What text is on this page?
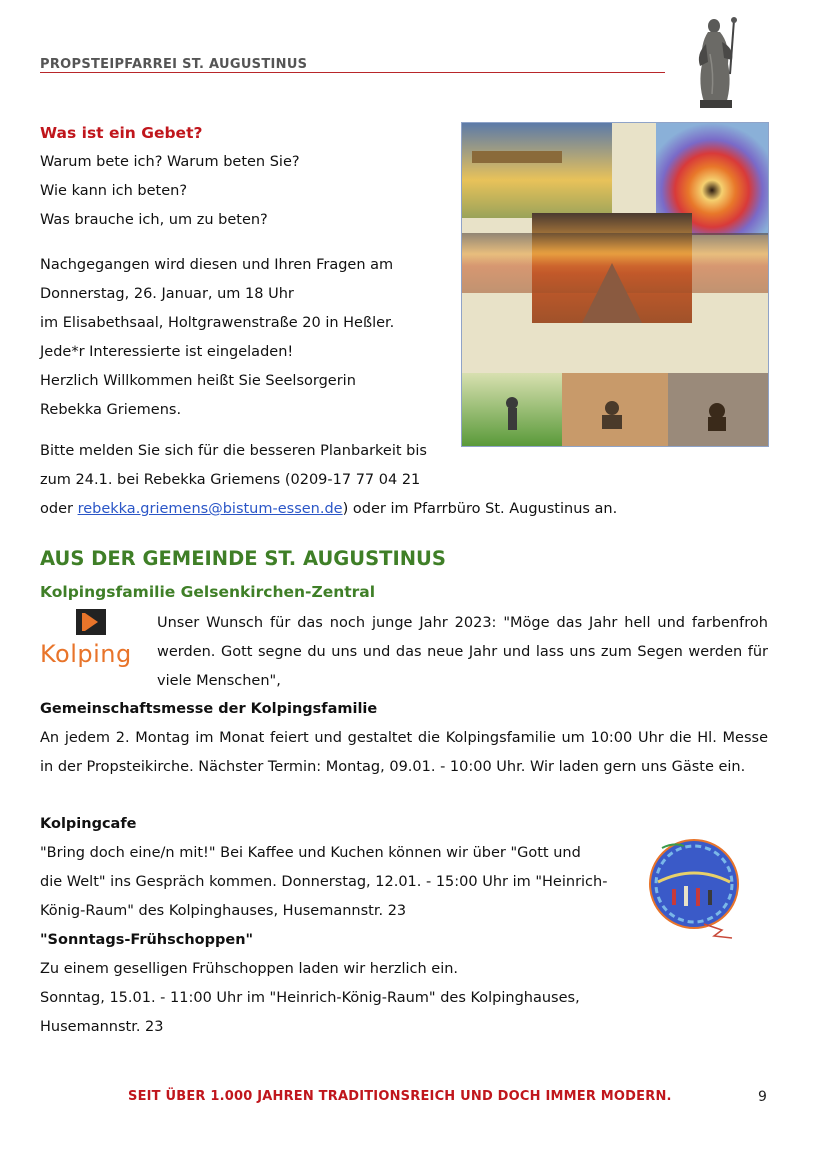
PROPSTEIPFARREI ST. AUGUSTINUS
Was ist ein Gebet?
Warum bete ich? Warum beten Sie?
Wie kann ich beten?
Was brauche ich, um zu beten?
Nachgegangen wird diesen und Ihren Fragen am
Donnerstag, 26. Januar, um 18 Uhr
im Elisabethsaal, Holtgrawenstraße 20 in Heßler.
Jede*r Interessierte ist eingeladen!
Herzlich Willkommen heißt Sie Seelsorgerin
Rebekka Griemens.
Bitte melden Sie sich für die besseren Planbarkeit bis
zum 24.1. bei Rebekka Griemens (0209-17 77 04 21
oder rebekka.griemens@bistum-essen.de) oder im Pfarrbüro St. Augustinus an.
AUS DER GEMEINDE ST. AUGUSTINUS
Kolpingsfamilie Gelsenkirchen-Zentral
Kolping
Unser Wunsch für das noch junge Jahr 2023: "Möge das Jahr hell und farbenfroh werden. Gott segne du uns und das neue Jahr und lass uns zum Segen werden für viele Menschen",
Gemeinschaftsmesse der Kolpingsfamilie
An jedem 2. Montag im Monat feiert und gestaltet die Kolpingsfamilie um 10:00 Uhr die Hl. Messe in der Propsteikirche. Nächster Termin: Montag, 09.01. - 10:00 Uhr. Wir laden gern uns Gäste ein.
Kolpingcafe
"Bring doch eine/n mit!" Bei Kaffee und Kuchen können wir über "Gott und
die Welt" ins Gespräch kommen. Donnerstag, 12.01. - 15:00 Uhr im "Heinrich-
König-Raum" des Kolpinghauses, Husemannstr. 23
"Sonntags-Frühschoppen"
Zu einem geselligen Frühschoppen laden wir herzlich ein.
Sonntag, 15.01. - 11:00 Uhr im "Heinrich-König-Raum" des Kolpinghauses,
Husemannstr. 23
SEIT ÜBER 1.000 JAHREN TRADITIONSREICH UND DOCH IMMER MODERN.	9
